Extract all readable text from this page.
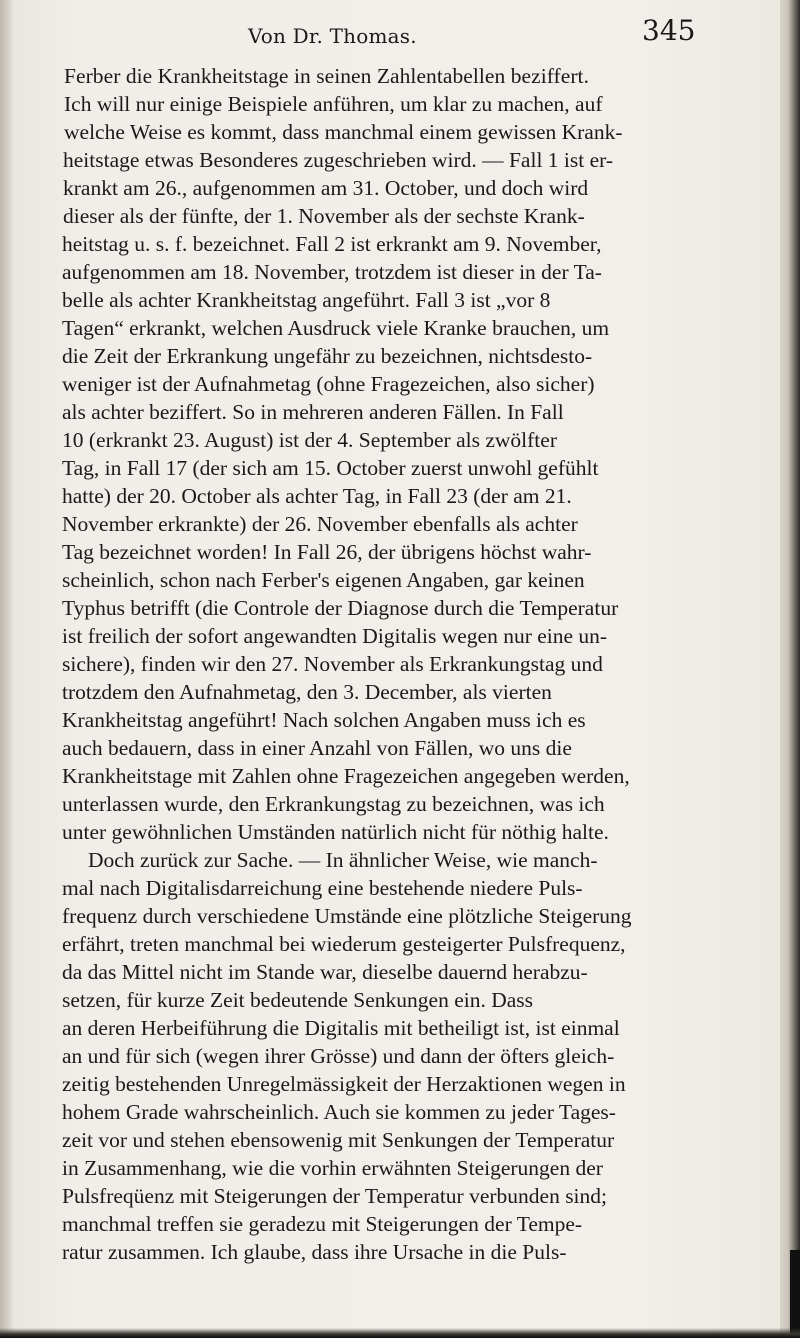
Von Dr. Thomas.	345
Ferber die Krankheitstage in seinen Zahlentabellen beziffert.
Ich will nur einige Beispiele anführen, um klar zu machen, auf
welche Weise es kommt, dass manchmal einem gewissen Krank-
heitstage etwas Besonderes zugeschrieben wird. — Fall 1 ist er-
krankt am 26., aufgenommen am 31. October, und doch wird
dieser als der fünfte, der 1. November als der sechste Krank-
heitstag u. s. f. bezeichnet. Fall 2 ist erkrankt am 9. November,
aufgenommen am 18. November, trotzdem ist dieser in der Ta-
belle als achter Krankheitstag angeführt. Fall 3 ist „vor 8
Tagen“ erkrankt, welchen Ausdruck viele Kranke brauchen, um
die Zeit der Erkrankung ungefähr zu bezeichnen, nichtsdesto-
weniger ist der Aufnahmetag (ohne Fragezeichen, also sicher)
als achter beziffert. So in mehreren anderen Fällen. In Fall
10 (erkrankt 23. August) ist der 4. September als zwölfter
Tag, in Fall 17 (der sich am 15. October zuerst unwohl gefühlt
hatte) der 20. October als achter Tag, in Fall 23 (der am 21.
November erkrankte) der 26. November ebenfalls als achter
Tag bezeichnet worden! In Fall 26, der übrigens höchst wahr-
scheinlich, schon nach Ferber's eigenen Angaben, gar keinen
Typhus betrifft (die Controle der Diagnose durch die Temperatur
ist freilich der sofort angewandten Digitalis wegen nur eine un-
sichere), finden wir den 27. November als Erkrankungstag und
trotzdem den Aufnahmetag, den 3. December, als vierten
Krankheitstag angeführt! Nach solchen Angaben muss ich es
auch bedauern, dass in einer Anzahl von Fällen, wo uns die
Krankheitstage mit Zahlen ohne Fragezeichen angegeben werden,
unterlassen wurde, den Erkrankungstag zu bezeichnen, was ich
unter gewöhnlichen Umständen natürlich nicht für nöthig halte.
Doch zurück zur Sache. — In ähnlicher Weise, wie manch-
mal nach Digitalisdarreichung eine bestehende niedere Puls-
frequenz durch verschiedene Umstände eine plötzliche Steigerung
erfährt, treten manchmal bei wiederum gesteigerter Pulsfrequenz,
da das Mittel nicht im Stande war, dieselbe dauernd herabzu-
setzen, für kurze Zeit bedeutende Senkungen ein. Dass
an deren Herbeiführung die Digitalis mit betheiligt ist, ist einmal
an und für sich (wegen ihrer Grösse) und dann der öfters gleich-
zeitig bestehenden Unregelmässigkeit der Herzaktionen wegen in
hohem Grade wahrscheinlich. Auch sie kommen zu jeder Tages-
zeit vor und stehen ebensowenig mit Senkungen der Temperatur
in Zusammenhang, wie die vorhin erwähnten Steigerungen der
Pulsfreqüenz mit Steigerungen der Temperatur verbunden sind;
manchmal treffen sie geradezu mit Steigerungen der Tempe-
ratur zusammen. Ich glaube, dass ihre Ursache in die Puls-
